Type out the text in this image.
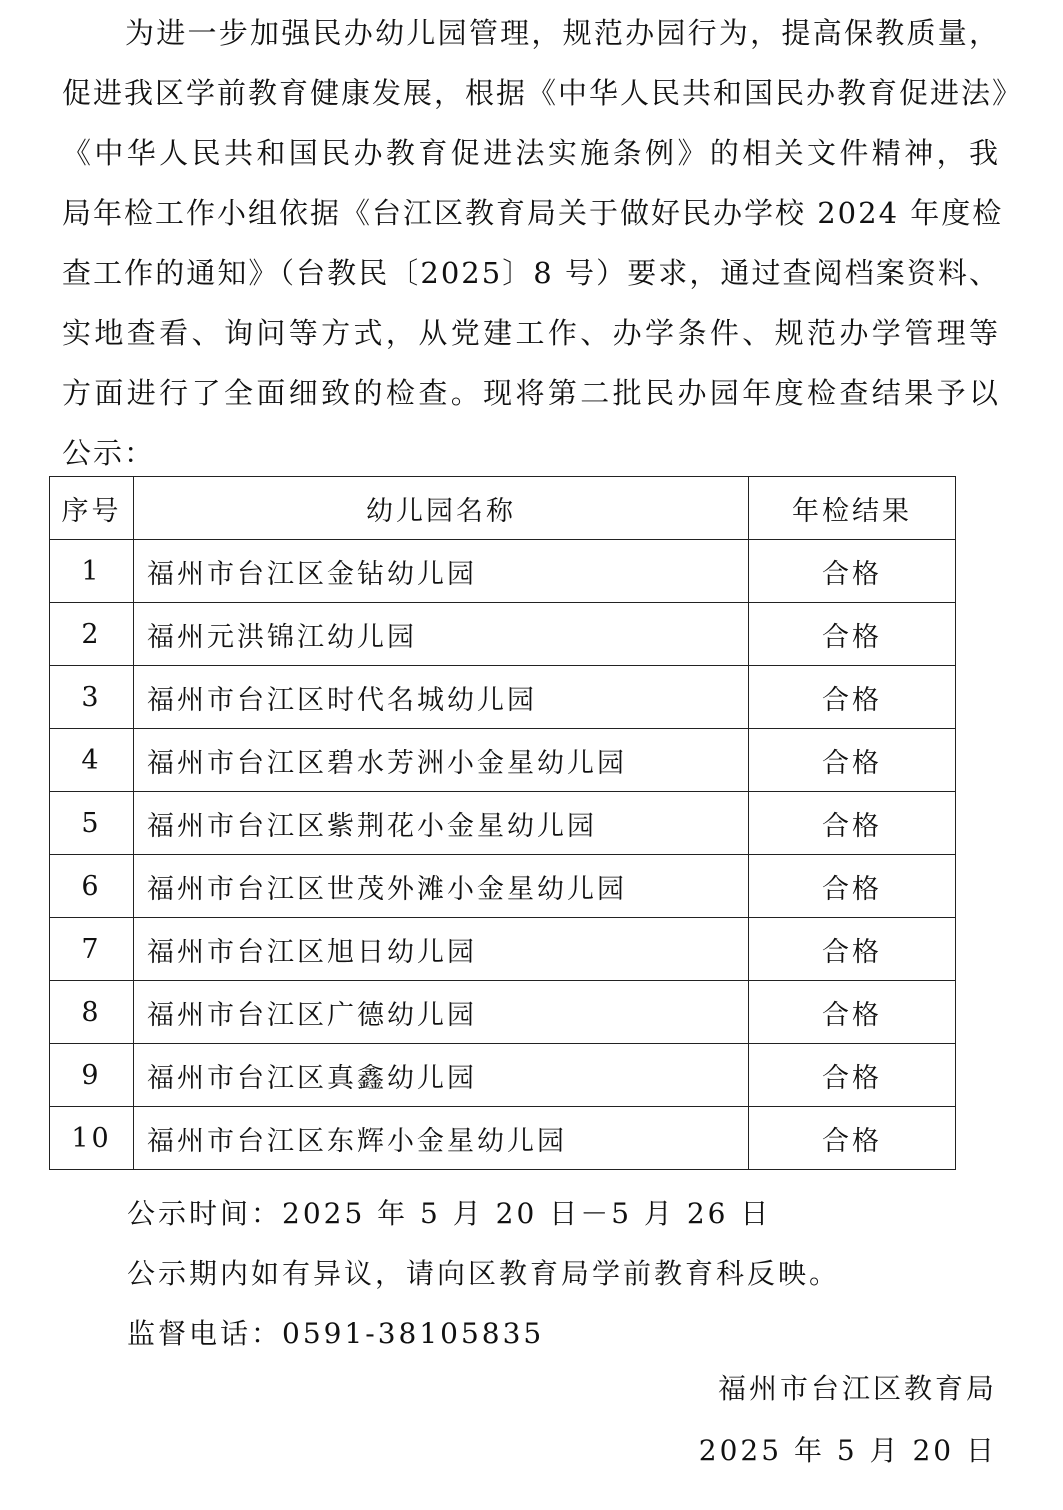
为进一步加强民办幼儿园管理，规范办园行为，提高保教质量，
促进我区学前教育健康发展，根据《中华人民共和国民办教育促进法》
《中华人民共和国民办教育促进法实施条例》的相关文件精神，我
局年检工作小组依据《台江区教育局关于做好民办学校 2024 年度检
查工作的通知》（台教民〔2025〕8 号）要求，通过查阅档案资料、
实地查看、询问等方式，从党建工作、办学条件、规范办学管理等
方面进行了全面细致的检查。现将第二批民办园年度检查结果予以
公示：
序号	幼儿园名称	年检结果
1	福州市台江区金钻幼儿园	合格
2	福州元洪锦江幼儿园	合格
3	福州市台江区时代名城幼儿园	合格
4	福州市台江区碧水芳洲小金星幼儿园	合格
5	福州市台江区紫荆花小金星幼儿园	合格
6	福州市台江区世茂外滩小金星幼儿园	合格
7	福州市台江区旭日幼儿园	合格
8	福州市台江区广德幼儿园	合格
9	福州市台江区真鑫幼儿园	合格
10	福州市台江区东辉小金星幼儿园	合格
公示时间：2025 年 5 月 20 日－5 月 26 日
公示期内如有异议，请向区教育局学前教育科反映。
监督电话：0591-38105835
福州市台江区教育局
2025 年 5 月 20 日
